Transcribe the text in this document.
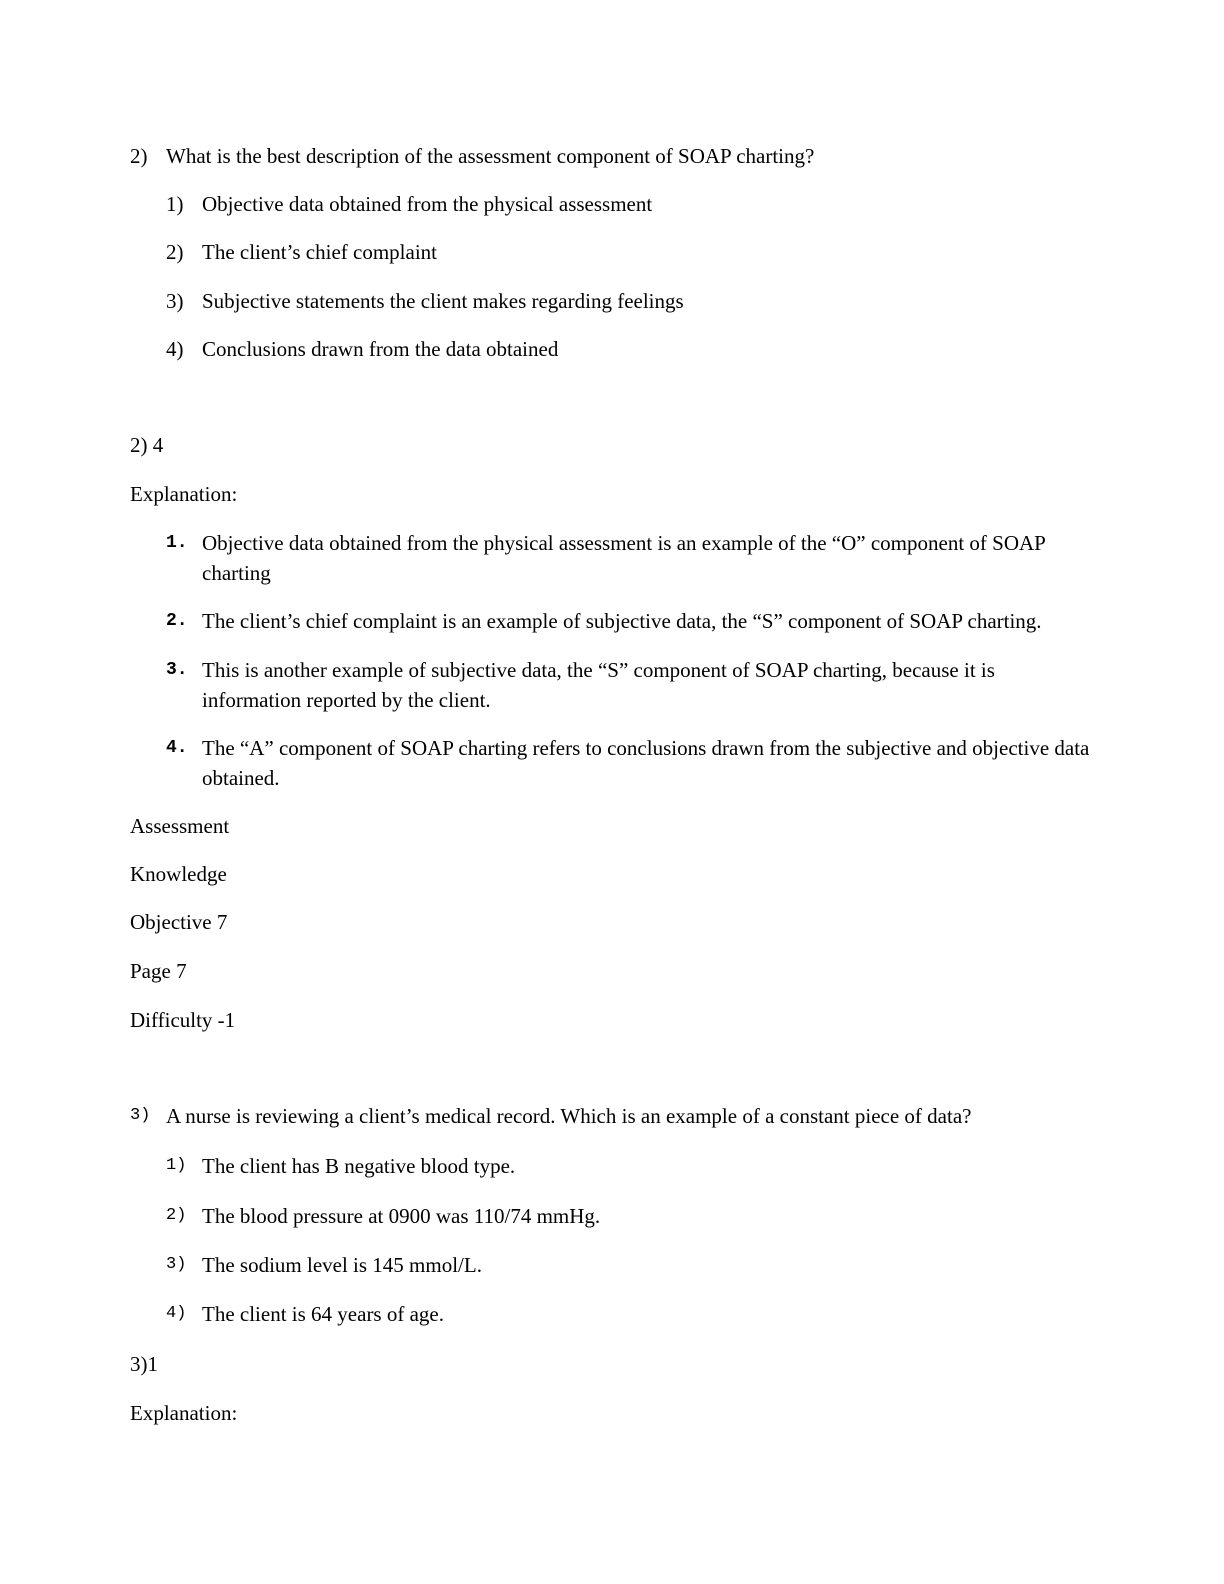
2) What is the best description of the assessment component of SOAP charting?
1) Objective data obtained from the physical assessment
2) The client’s chief complaint
3) Subjective statements the client makes regarding feelings
4) Conclusions drawn from the data obtained
2) 4
Explanation:
1. Objective data obtained from the physical assessment is an example of the “O” component of SOAP charting
2. The client’s chief complaint is an example of subjective data, the “S” component of SOAP charting.
3. This is another example of subjective data, the “S” component of SOAP charting, because it is information reported by the client.
4. The “A” component of SOAP charting refers to conclusions drawn from the subjective and objective data obtained.
Assessment
Knowledge
Objective 7
Page 7
Difficulty -1
3) A nurse is reviewing a client’s medical record. Which is an example of a constant piece of data?
1) The client has B negative blood type.
2) The blood pressure at 0900 was 110/74 mmHg.
3) The sodium level is 145 mmol/L.
4) The client is 64 years of age.
3)1
Explanation:
